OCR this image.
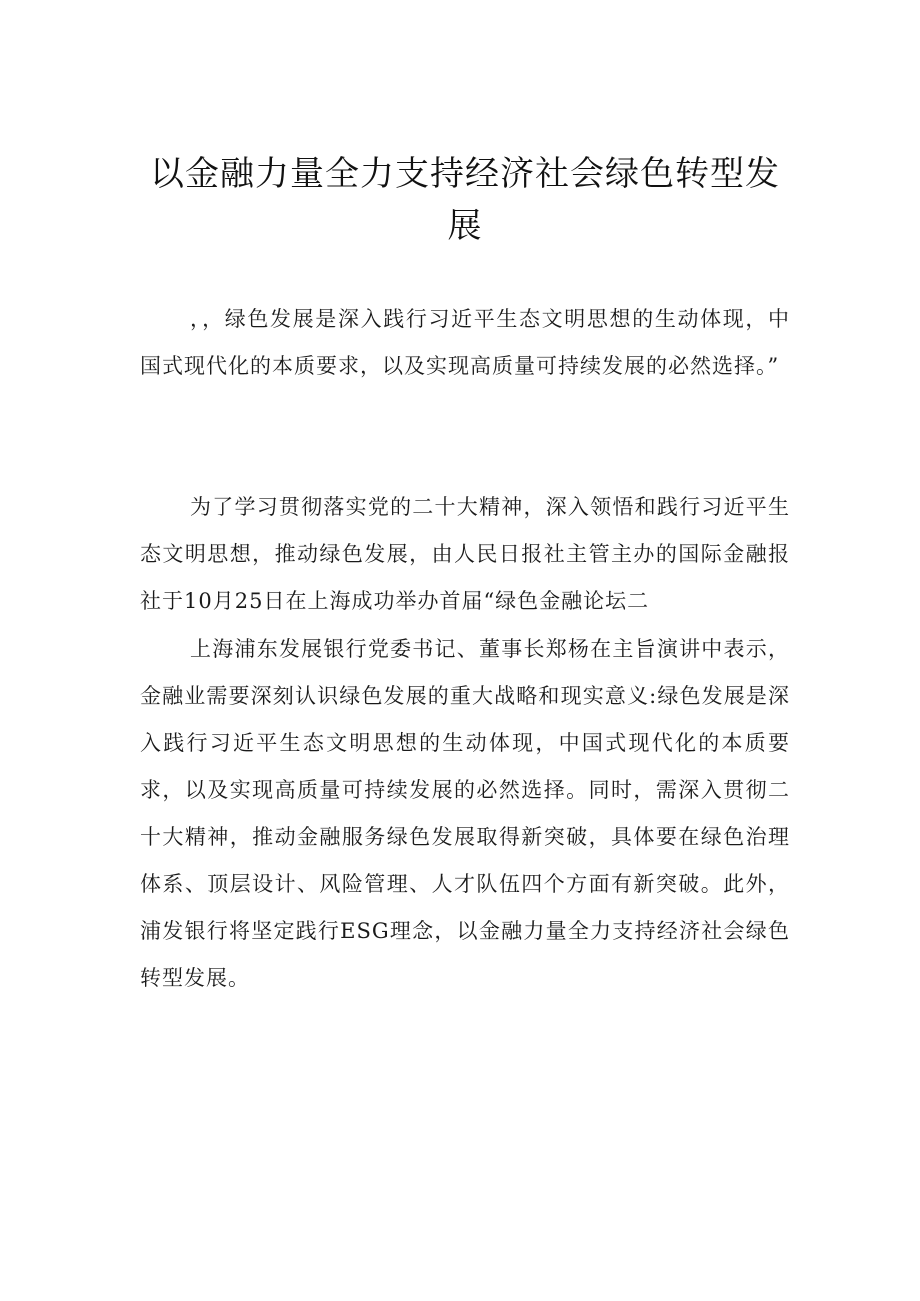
以金融力量全力支持经济社会绿色转型发展

，，绿色发展是深入践行习近平生态文明思想的生动体现，中国式现代化的本质要求，以及实现高质量可持续发展的必然选择。”

为了学习贯彻落实党的二十大精神，深入领悟和践行习近平生态文明思想，推动绿色发展，由人民日报社主管主办的国际金融报社于10月25日在上海成功举办首届“绿色金融论坛二

上海浦东发展银行党委书记、董事长郑杨在主旨演讲中表示，金融业需要深刻认识绿色发展的重大战略和现实意义:绿色发展是深入践行习近平生态文明思想的生动体现，中国式现代化的本质要求，以及实现高质量可持续发展的必然选择。同时，需深入贯彻二十大精神，推动金融服务绿色发展取得新突破，具体要在绿色治理体系、顶层设计、风险管理、人才队伍四个方面有新突破。此外，浦发银行将坚定践行ESG理念，以金融力量全力支持经济社会绿色转型发展。
